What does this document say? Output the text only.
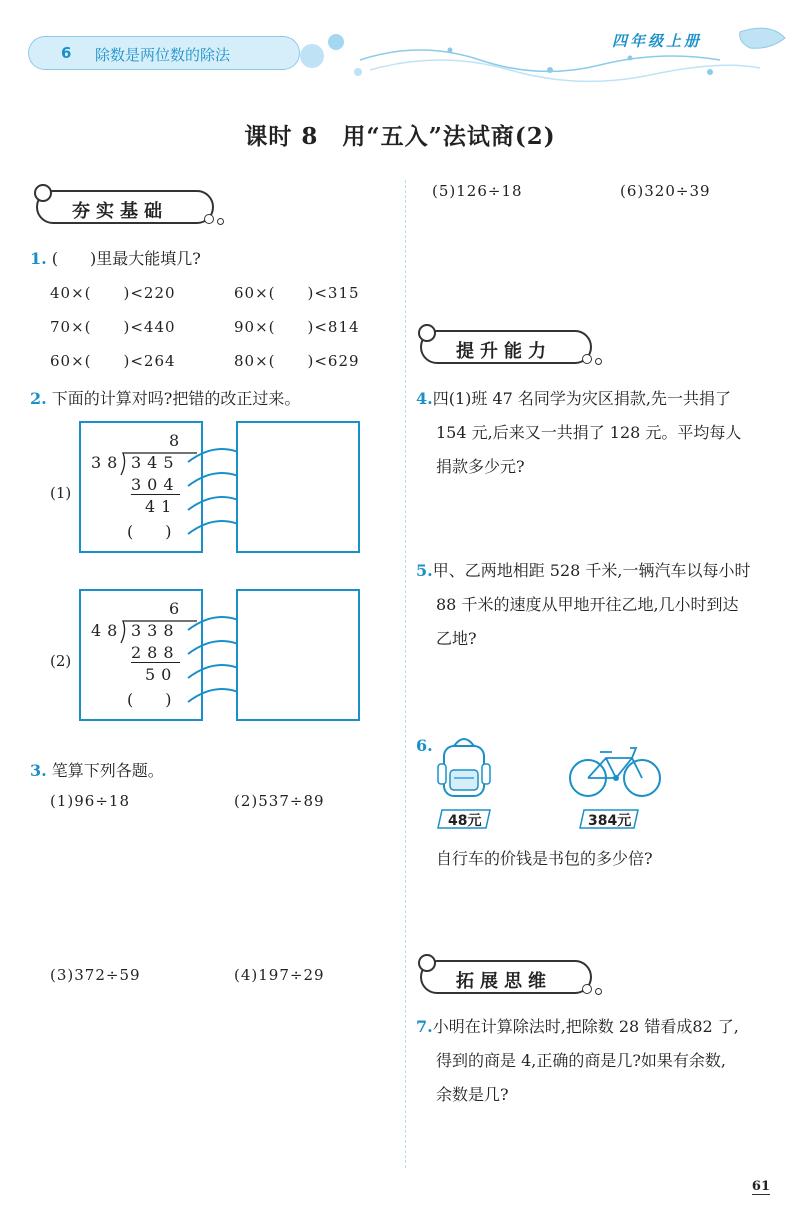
6 除数是两位数的除法
四年级上册
课时 8　用“五入”法试商(2)
夯实基础
1. (　　)里最大能填几?
40×(　　)<220	60×(　　)<315
70×(　　)<440	90×(　　)<814
60×(　　)<264	80×(　　)<629
2. 下面的计算对吗?把错的改正过来。
(1)
8
38 345
304
41
(　　)
(2)
6
48 338
288
50
(　　)
3. 笔算下列各题。
(1)96÷18	(2)537÷89
(3)372÷59	(4)197÷29
(5)126÷18	(6)320÷39
提升能力
4.四(1)班 47 名同学为灾区捐款,先一共捐了
154 元,后来又一共捐了 128 元。平均每人
捐款多少元?
5.甲、乙两地相距 528 千米,一辆汽车以每小时
88 千米的速度从甲地开往乙地,几小时到达
乙地?
6.
48元	384元
自行车的价钱是书包的多少倍?
拓展思维
7.小明在计算除法时,把除数 28 错看成82 了,
得到的商是 4,正确的商是几?如果有余数,
余数是几?
61
